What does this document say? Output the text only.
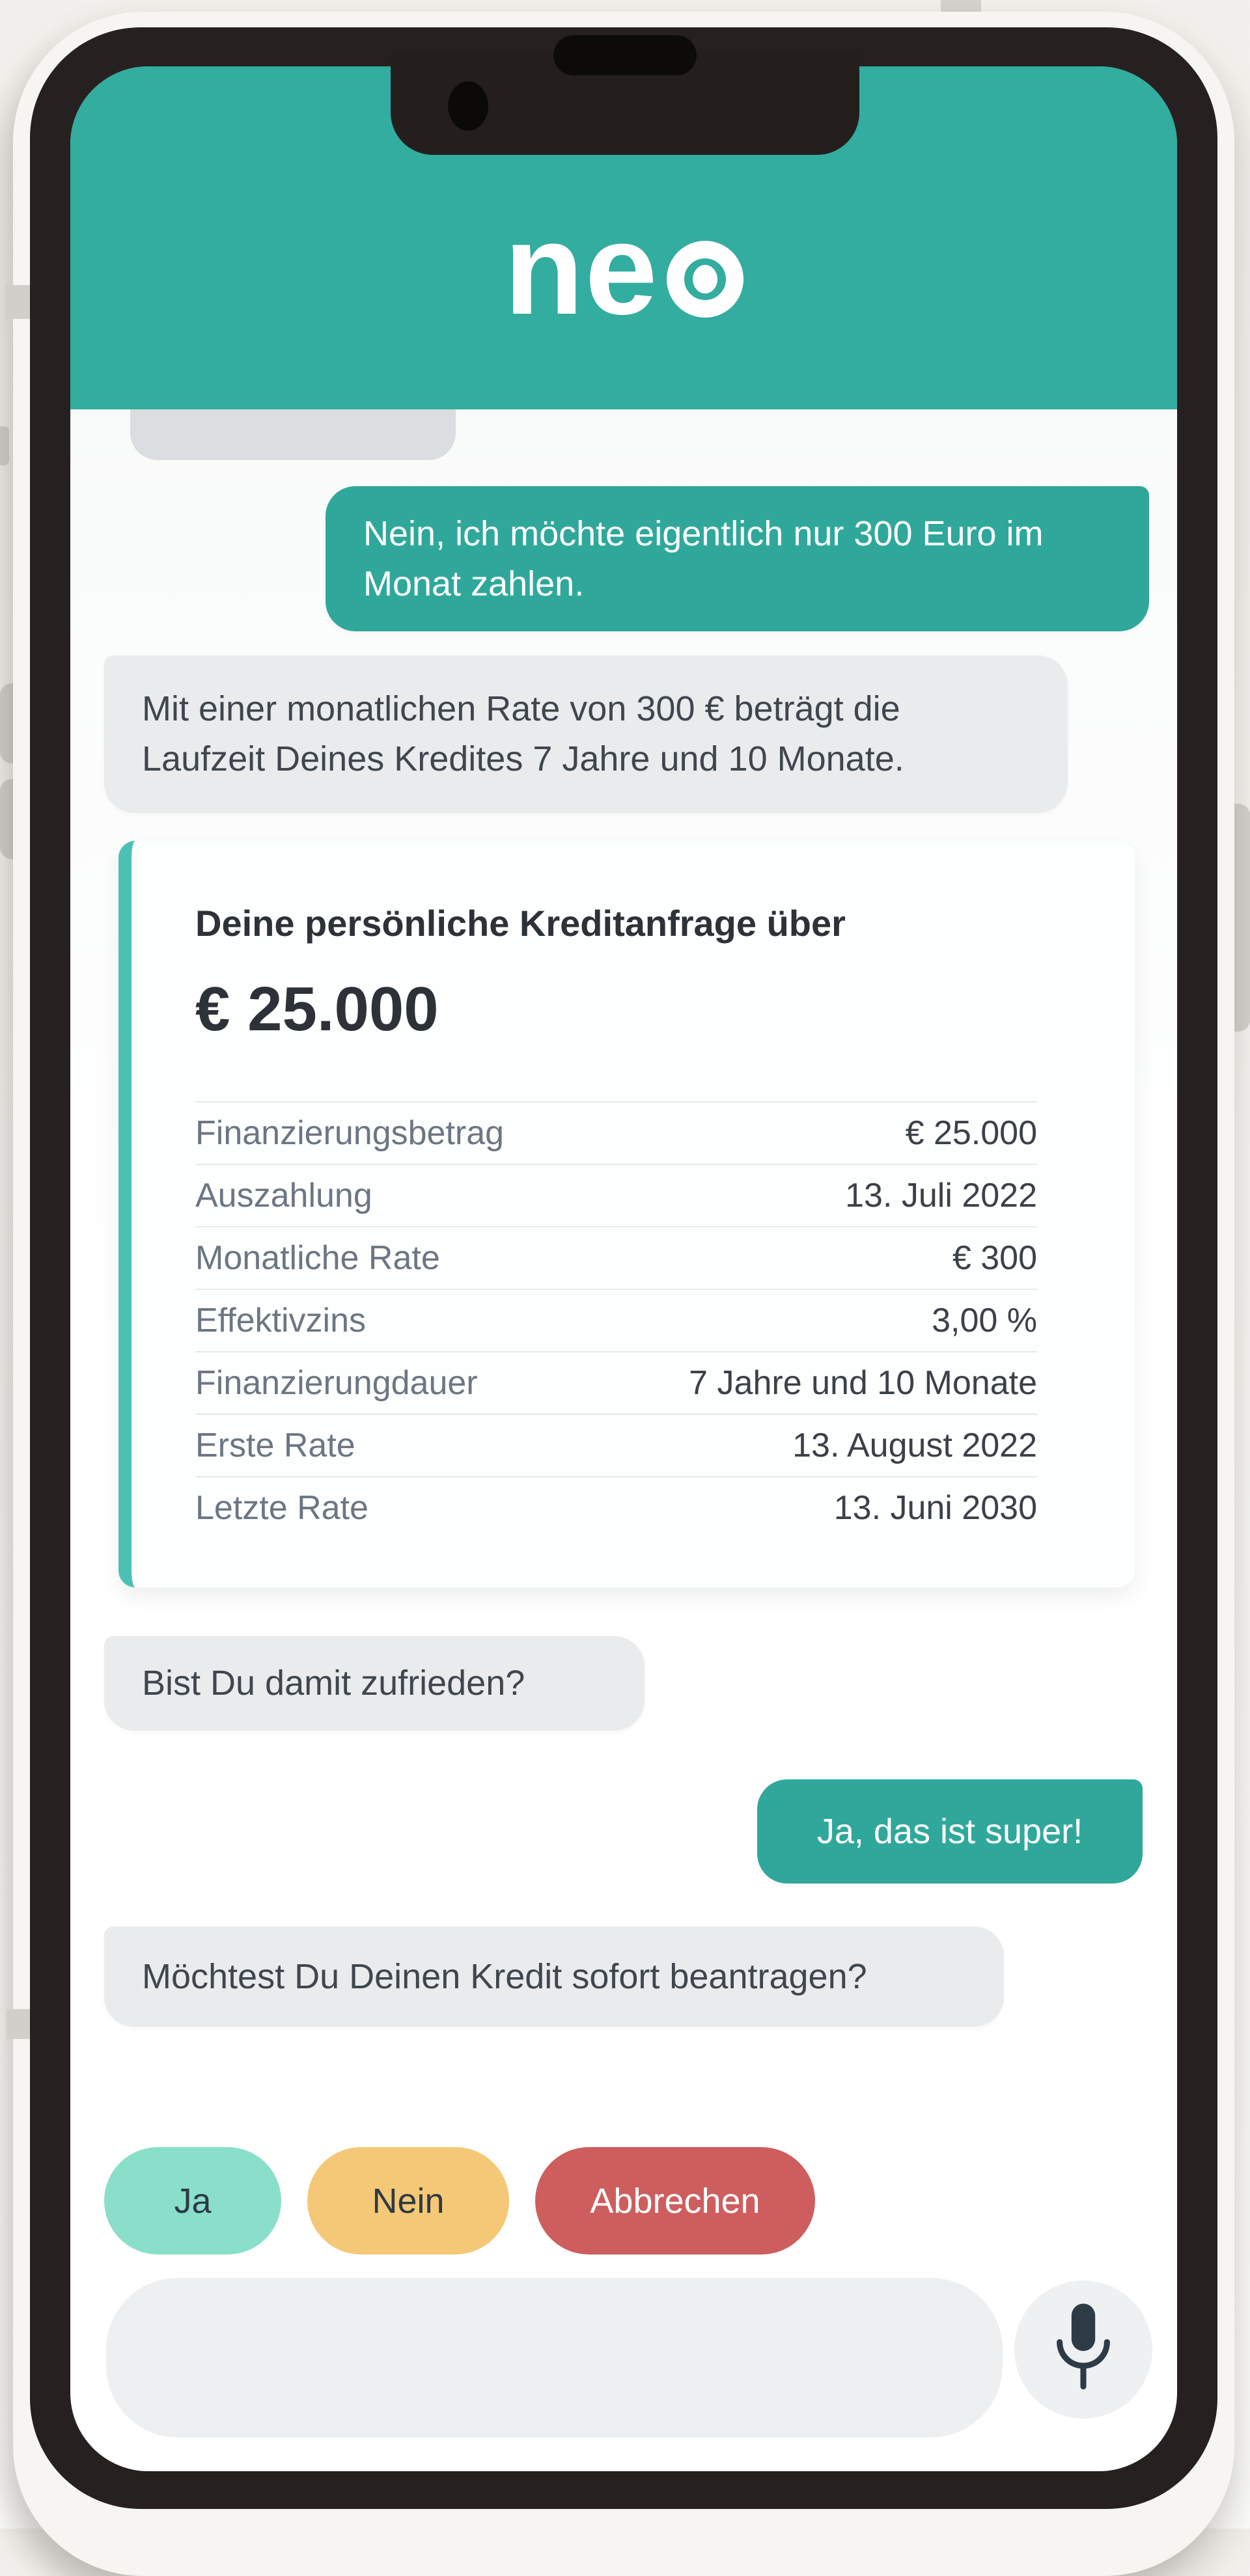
ne
Nein, ich möchte eigentlich nur 300 Euro im Monat zahlen.
Mit einer monatlichen Rate von 300 € beträgt die Laufzeit Deines Kredites 7 Jahre und 10 Monate.
Deine persönliche Kreditanfrage über
€ 25.000
Finanzierungsbetrag	€ 25.000
Auszahlung	13. Juli 2022
Monatliche Rate	€ 300
Effektivzins	3,00 %
Finanzierungdauer	7 Jahre und 10 Monate
Erste Rate	13. August 2022
Letzte Rate	13. Juni 2030
Bist Du damit zufrieden?
Ja, das ist super!
Möchtest Du Deinen Kredit sofort beantragen?
Ja	Nein	Abbrechen
